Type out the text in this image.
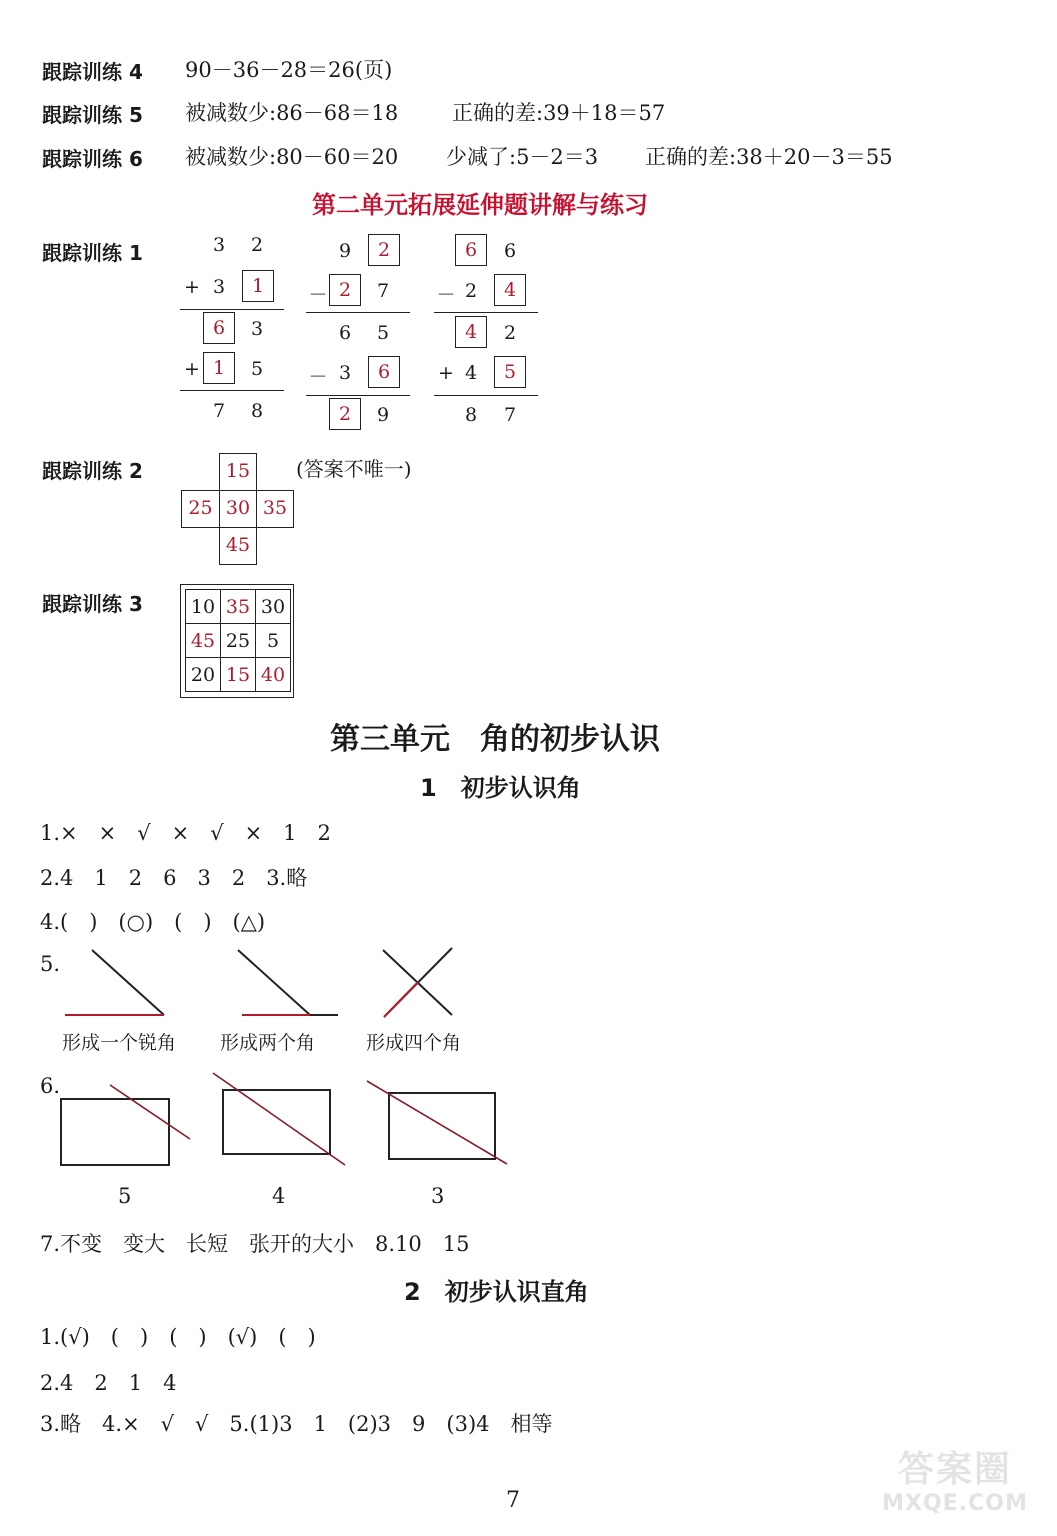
跟踪训练 4 90－36－28＝26(页)
跟踪训练 5 被减数少:86－68＝18	正确的差:39＋18＝57
跟踪训练 6 被减数少:80－60＝20 少减了:5－2＝3 正确的差:38＋20－3＝55
第二单元拓展延伸题讲解与练习
跟踪训练 1	3 2
+ 3	1
6	3
+ 1	5
7 8
9	2
－ 2	7
6 5
－ 3	6
2	9
6	6
－ 2	4
4	2
+ 4	5
8 7
跟踪训练 2	(答案不唯一)
15
25 30 35
45
跟踪训练 3	10 35 30
45 25 5
20 15 40
第三单元　角的初步认识
1　初步认识角
1.×　×　√　×　√　×　1　2
2.4　1　2　6　3　2　3.略
4.(　)　(○)　(　)　(△)
5.
形成一个锐角 形成两个角	形成四个角
6.
5	4	3
7.不变　变大　长短　张开的大小　8.10　15
2　初步认识直角
1.(√)　(　)　(　)　(√)　(　)
2.4　2　1　4
3.略　4.×　√　√　5.(1)3　1　(2)3　9　(3)4　相等
7
答案圈
MXQE.COM
